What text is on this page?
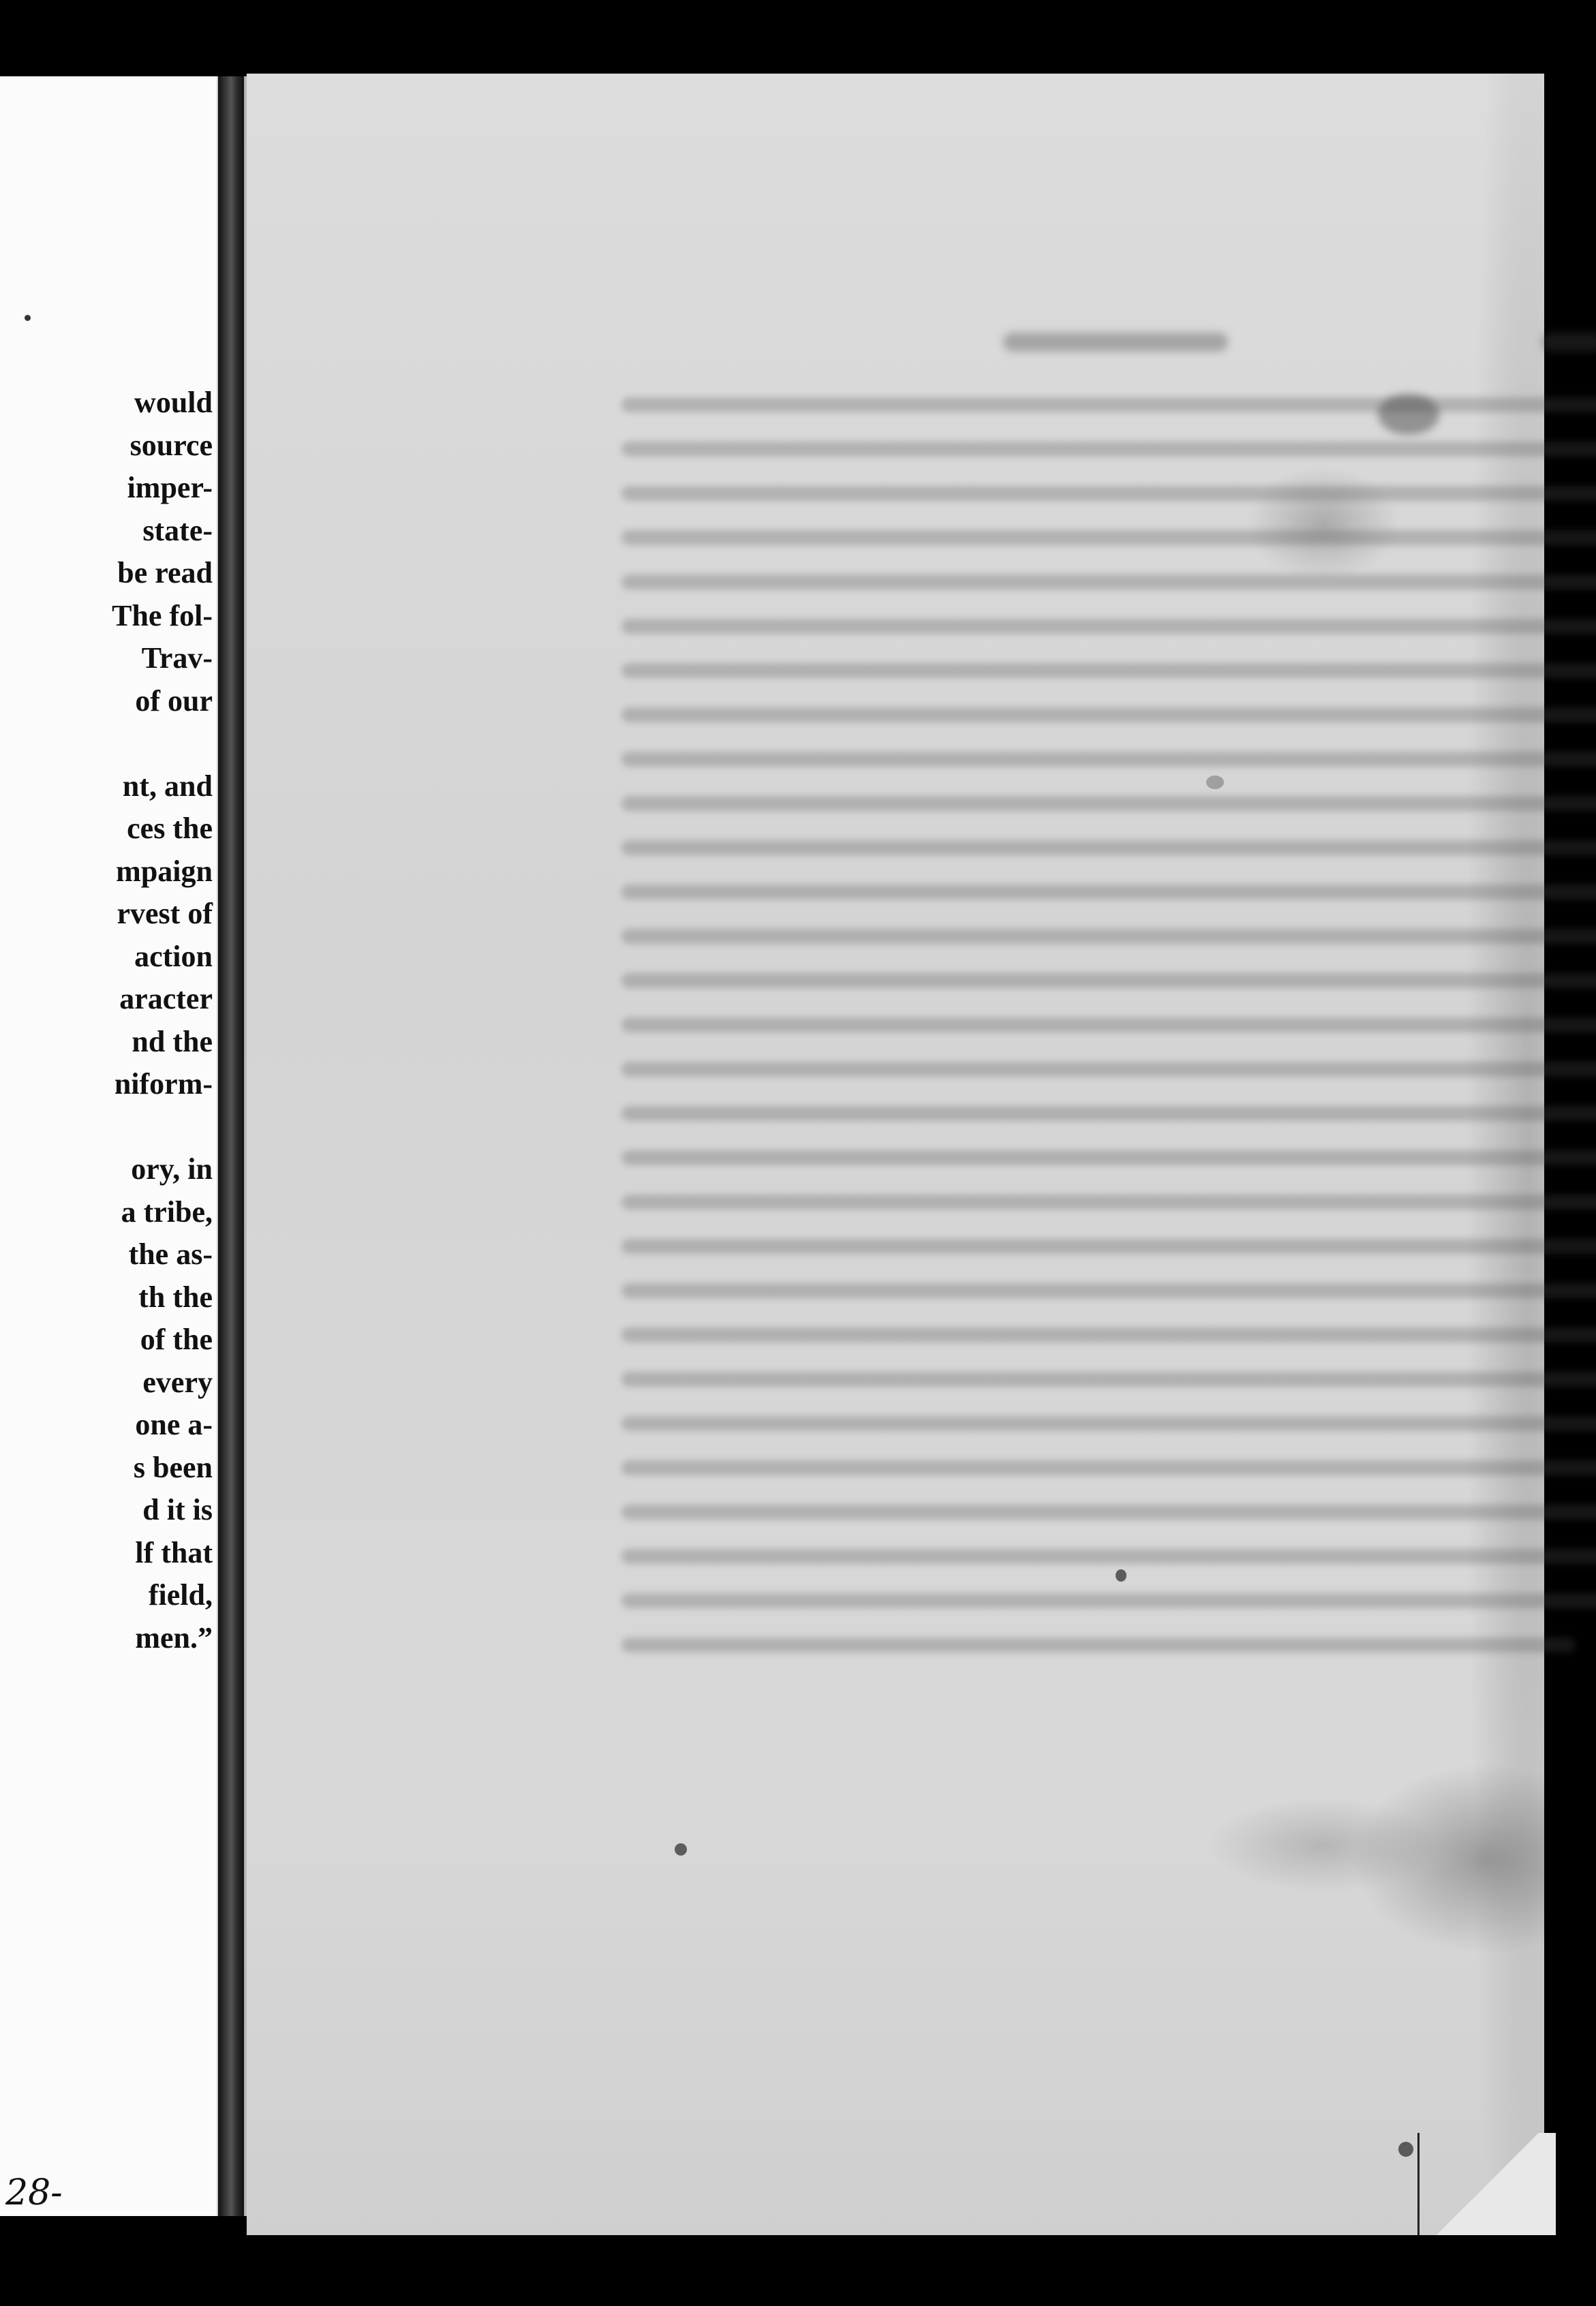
would
source
imper-
state-
be read
The fol-
Trav-
of our
nt, and
ces the
mpaign
rvest of
action
aracter
nd the
niform-
ory, in
a tribe,
the as-
th the
of the
every
one a-
s been
d it is
lf that
field,
men.”
28-
